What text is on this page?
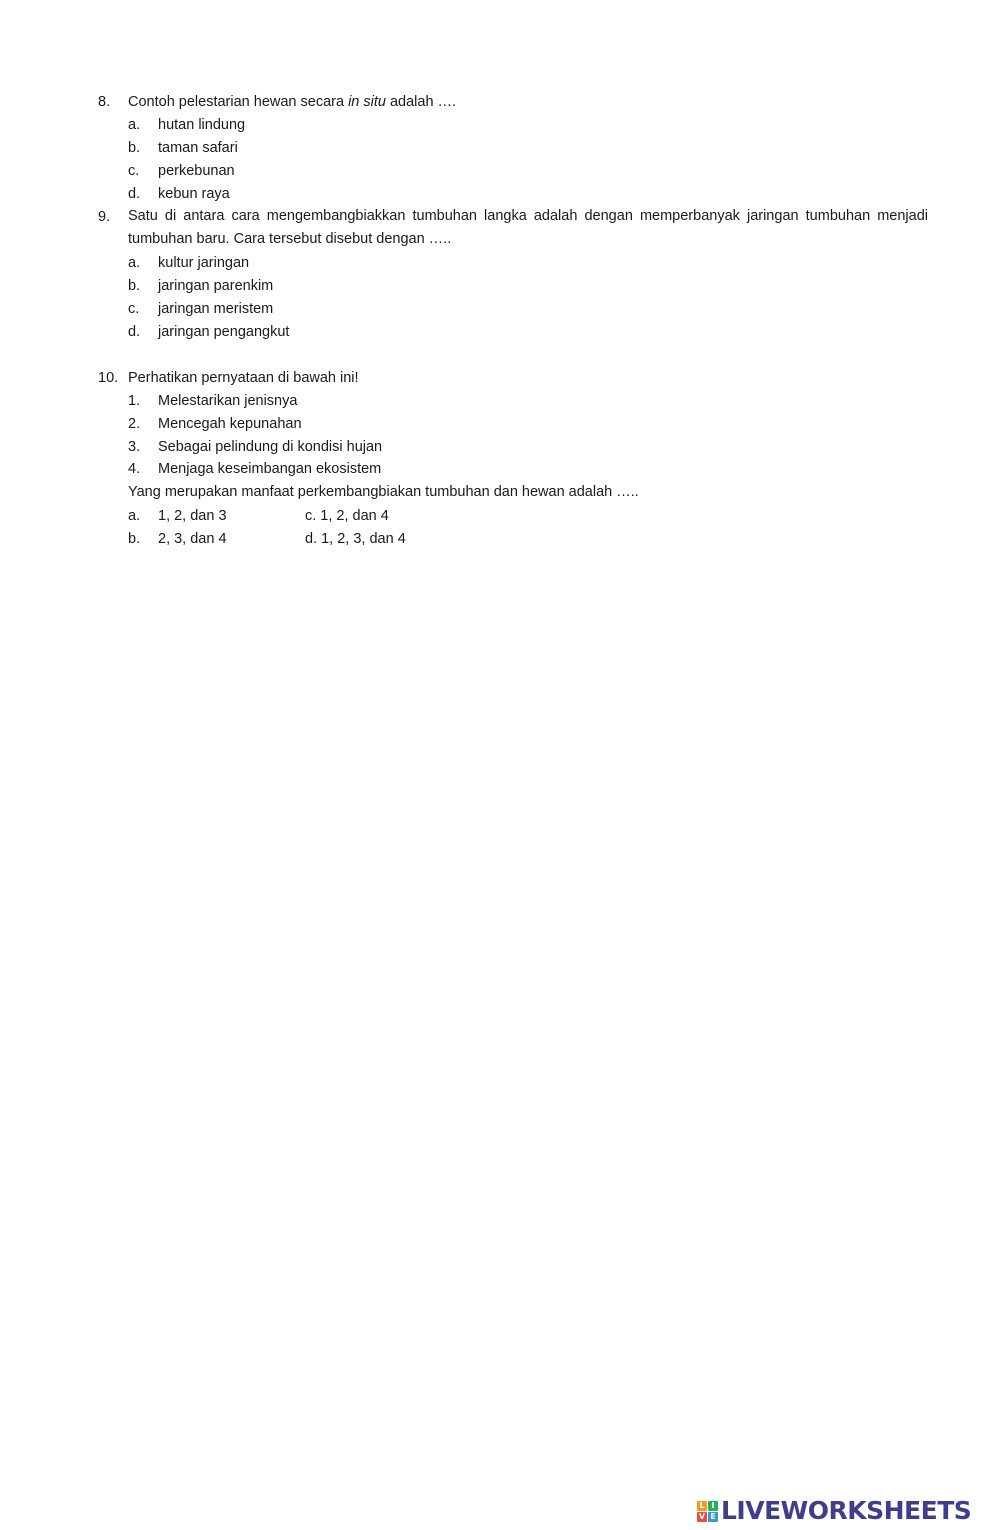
8. Contoh pelestarian hewan secara in situ adalah ….
a. hutan lindung
b. taman safari
c. perkebunan
d. kebun raya
9. Satu di antara cara mengembangbiakkan tumbuhan langka adalah dengan memperbanyak jaringan tumbuhan menjadi tumbuhan baru. Cara tersebut disebut dengan …..
a. kultur jaringan
b. jaringan parenkim
c. jaringan meristem
d. jaringan pengangkut
10. Perhatikan pernyataan di bawah ini!
1. Melestarikan jenisnya
2. Mencegah kepunahan
3. Sebagai pelindung di kondisi hujan
4. Menjaga keseimbangan ekosistem
Yang merupakan manfaat perkembangbiakan tumbuhan dan hewan adalah …..
a. 1, 2, dan 3	c. 1, 2, dan 4
b. 2, 3, dan 4	d. 1, 2, 3, dan 4
L I
V E LIVEWORKSHEETS
